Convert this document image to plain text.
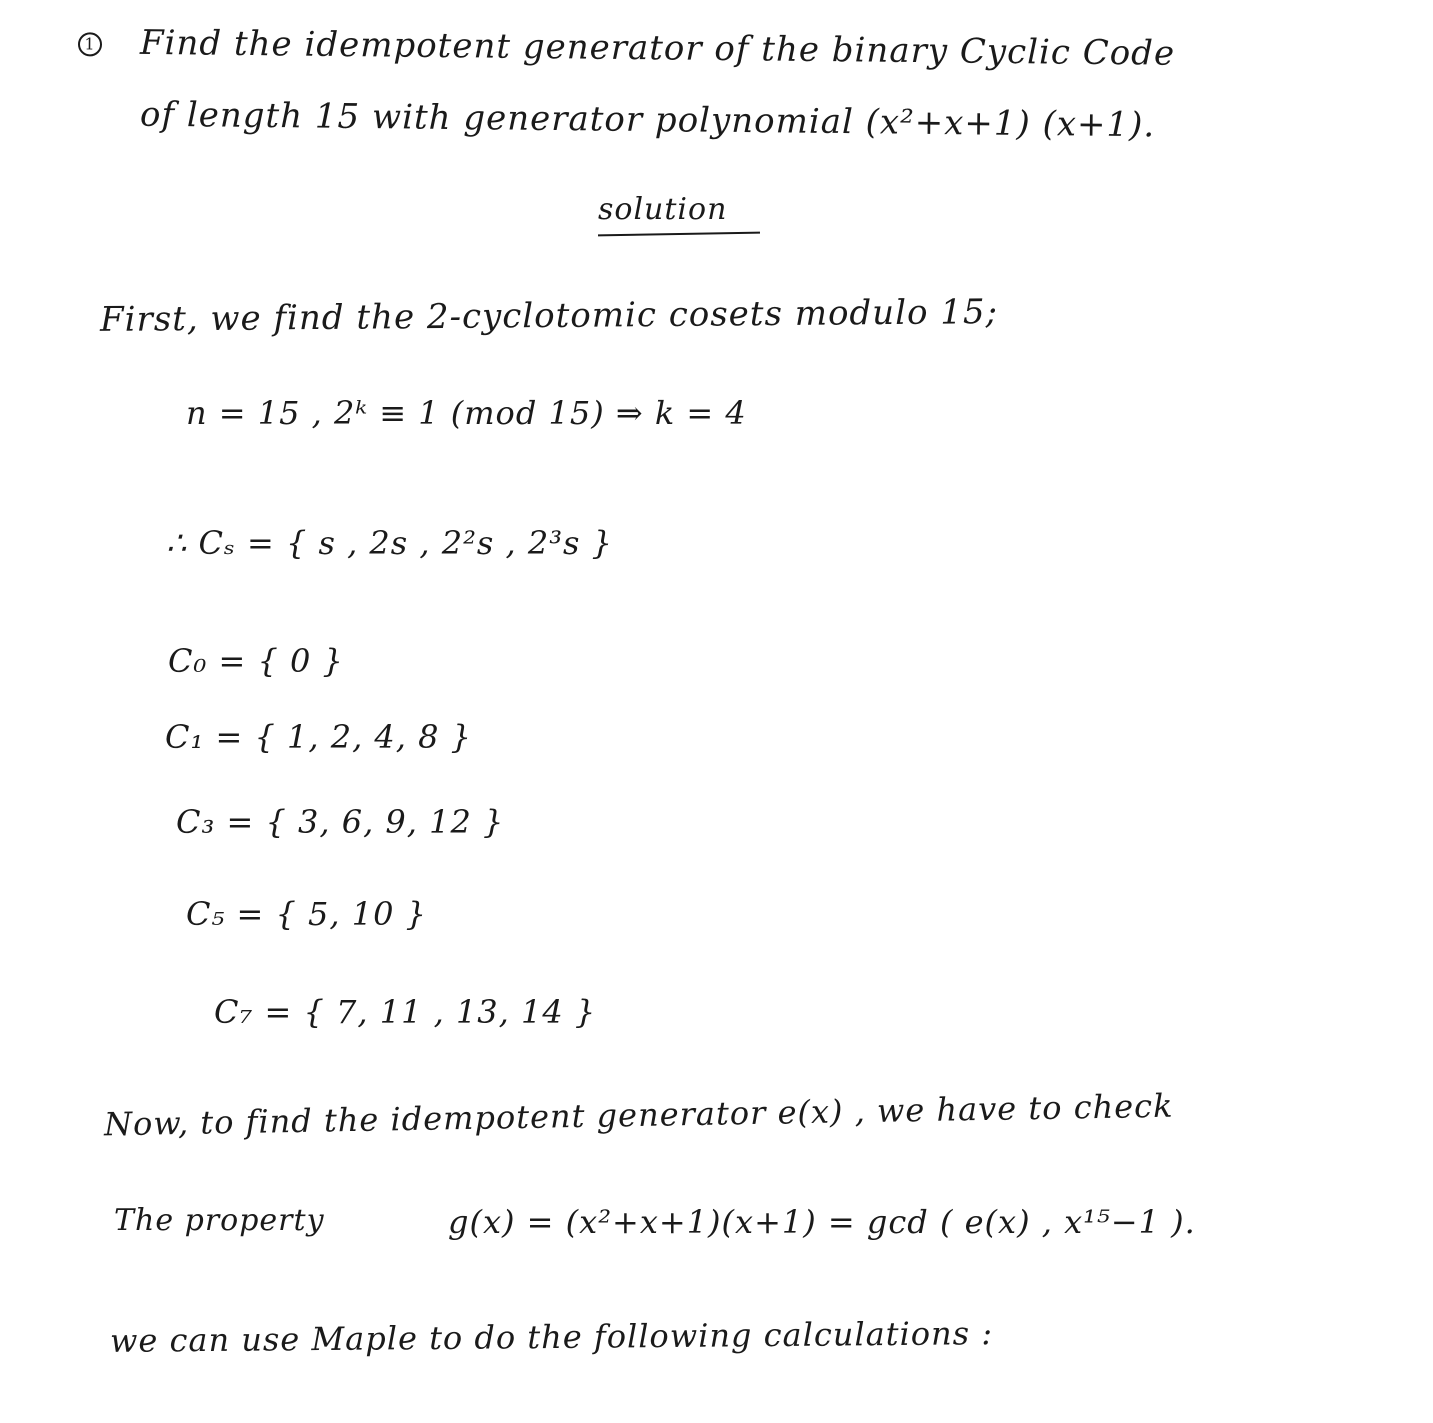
1 Find the idempotent generator of the binary Cyclic Code
of length 15 with generator polynomial (x²+x+1) (x+1).
solution
First, we find the 2-cyclotomic cosets modulo 15;
n = 15 , 2ᵏ ≡ 1 (mod 15) ⇒ k = 4
∴ Cₛ = { s , 2s , 2²s , 2³s }
C₀ = { 0 }
C₁ = { 1, 2, 4, 8 }
C₃ = { 3, 6, 9, 12 }
C₅ = { 5, 10 }
C₇ = { 7, 11 , 13, 14 }
Now, to find the idempotent generator e(x) , we have to check
The property	g(x) = (x²+x+1)(x+1) = gcd ( e(x) , x¹⁵−1 ).
we can use Maple to do the following calculations :
